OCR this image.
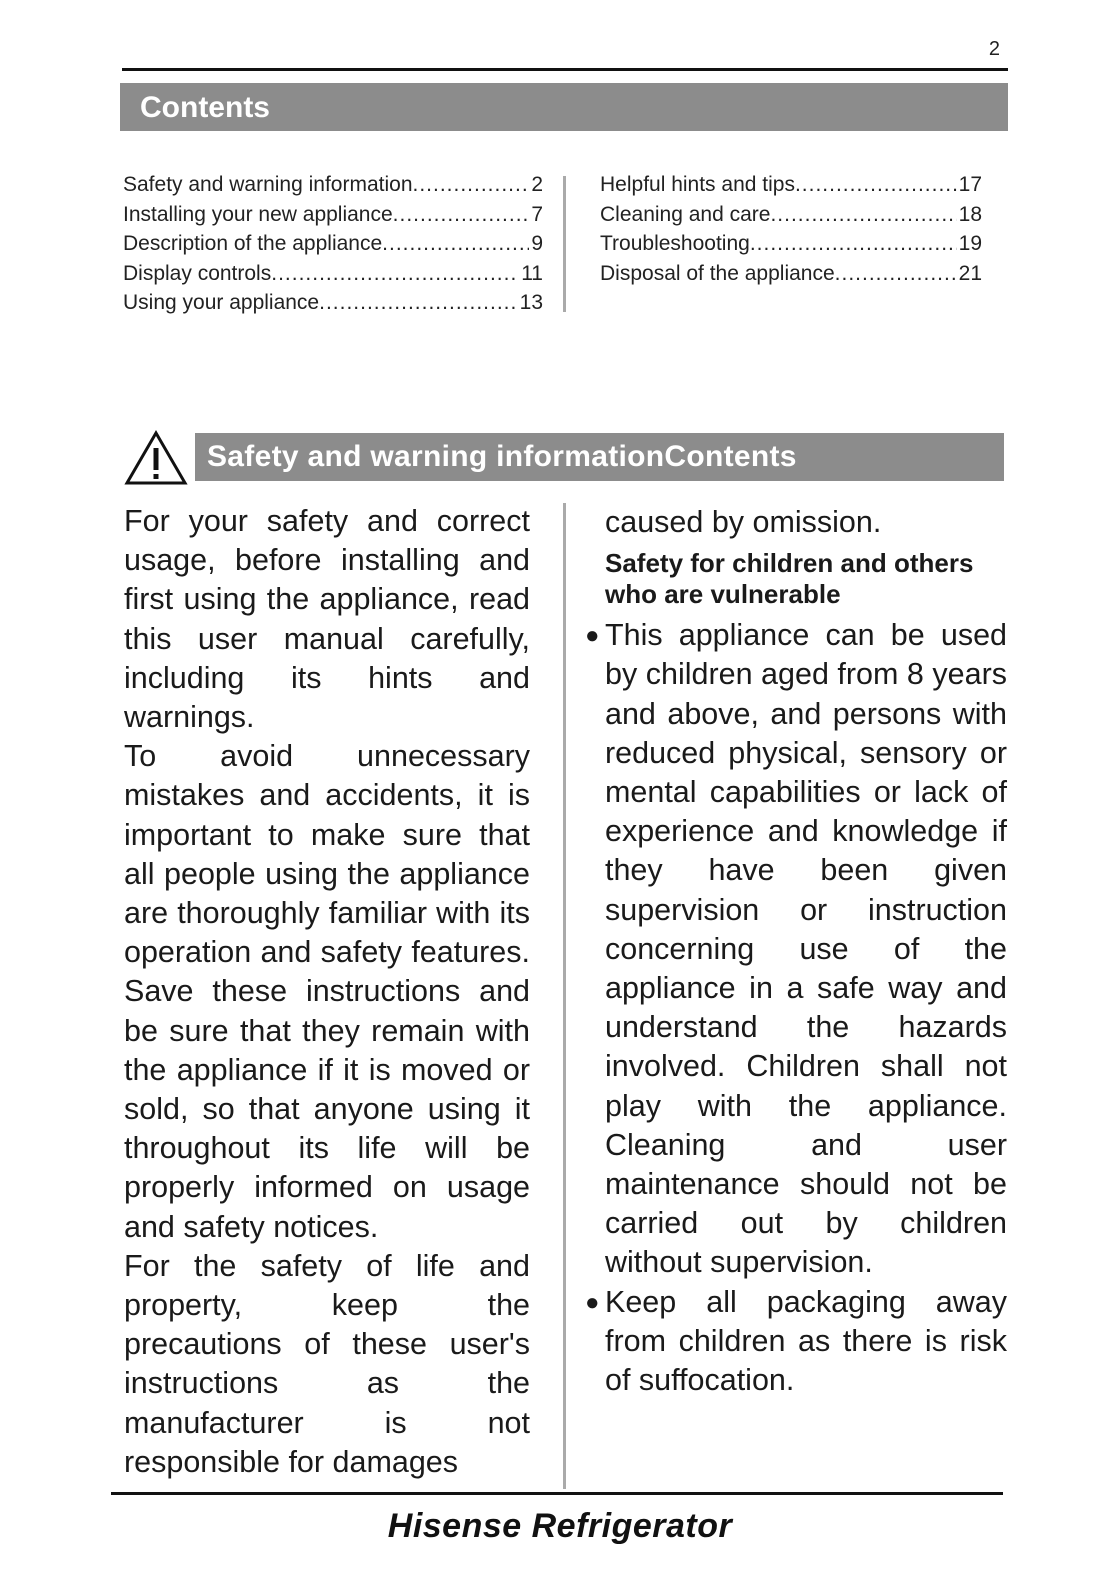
2
Contents
Safety and warning information .....	2
Installing your new appliance .....	7
Description of the appliance .....	9
Display controls .....	11
Using your appliance .....	13
Helpful hints and tips .....	17
Cleaning and care .....	18
Troubleshooting .....	19
Disposal of the appliance .....	21
Safety and warning informationContents

For your safety and correct usage, before installing and first using the appliance, read this user manual carefully, including its hints and warnings.

To avoid unnecessary mistakes and accidents, it is important to make sure that all people using the appliance are thoroughly familiar with its operation and safety features. Save these instructions and be sure that they remain with the appliance if it is moved or sold, so that anyone using it throughout its life will be properly informed on usage and safety notices.

For the safety of life and property, keep the precautions of these user's instructions as the manufacturer is not responsible for damages

caused by omission.

Safety for children and others who are vulnerable

● This appliance can be used by children aged from 8 years and above, and persons with reduced physical, sensory or mental capabilities or lack of experience and knowledge if they have been given supervision or instruction concerning use of the appliance in a safe way and understand the hazards involved. Children shall not play with the appliance. Cleaning and user maintenance should not be carried out by children without supervision.

● Keep all packaging away from children as there is risk of suffocation.

Hisense Refrigerator
